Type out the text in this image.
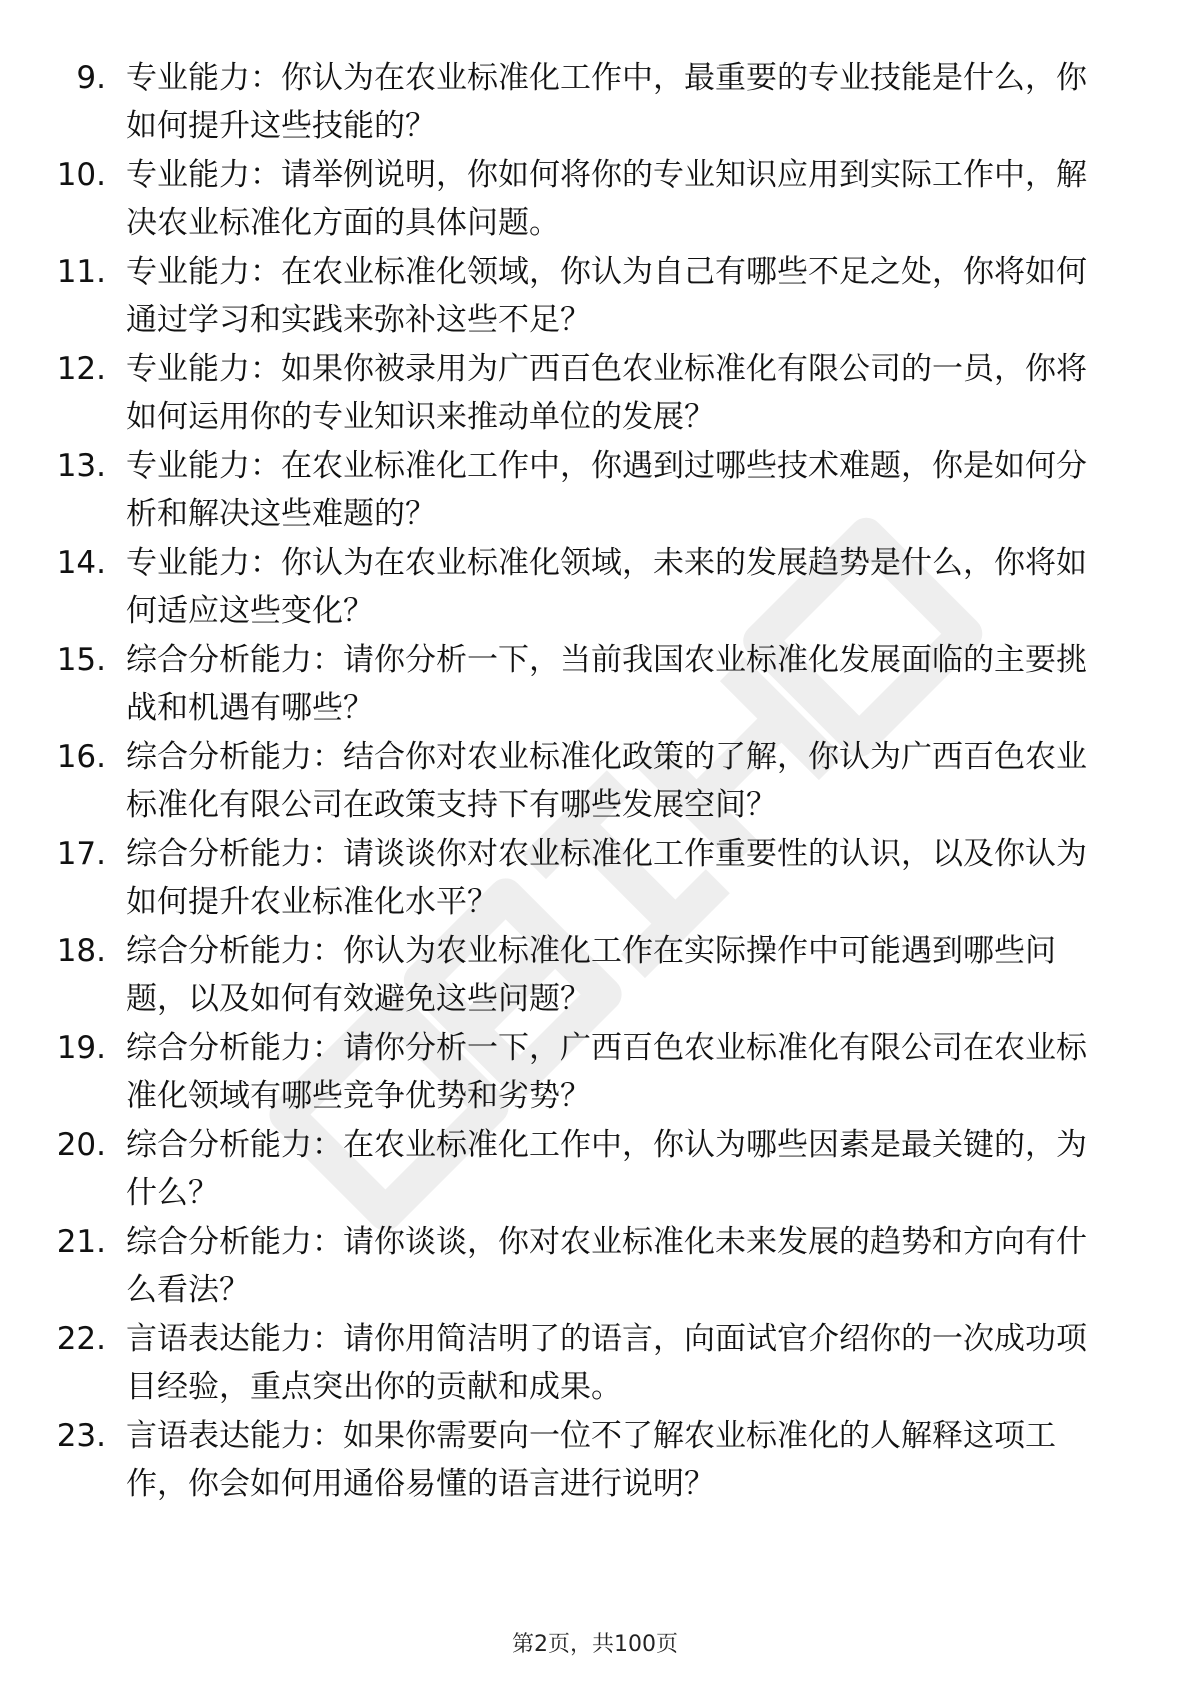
9. 专业能力：你认为在农业标准化工作中，最重要的专业技能是什么，你如何提升这些技能的？
10. 专业能力：请举例说明，你如何将你的专业知识应用到实际工作中，解决农业标准化方面的具体问题。
11. 专业能力：在农业标准化领域，你认为自己有哪些不足之处，你将如何通过学习和实践来弥补这些不足？
12. 专业能力：如果你被录用为广西百色农业标准化有限公司的一员，你将如何运用你的专业知识来推动单位的发展？
13. 专业能力：在农业标准化工作中，你遇到过哪些技术难题，你是如何分析和解决这些难题的？
14. 专业能力：你认为在农业标准化领域，未来的发展趋势是什么，你将如何适应这些变化？
15. 综合分析能力：请你分析一下，当前我国农业标准化发展面临的主要挑战和机遇有哪些？
16. 综合分析能力：结合你对农业标准化政策的了解，你认为广西百色农业标准化有限公司在政策支持下有哪些发展空间？
17. 综合分析能力：请谈谈你对农业标准化工作重要性的认识，以及你认为如何提升农业标准化水平？
18. 综合分析能力：你认为农业标准化工作在实际操作中可能遇到哪些问题，以及如何有效避免这些问题？
19. 综合分析能力：请你分析一下，广西百色农业标准化有限公司在农业标准化领域有哪些竞争优势和劣势？
20. 综合分析能力：在农业标准化工作中，你认为哪些因素是最关键的，为什么？
21. 综合分析能力：请你谈谈，你对农业标准化未来发展的趋势和方向有什么看法？
22. 言语表达能力：请你用简洁明了的语言，向面试官介绍你的一次成功项目经验，重点突出你的贡献和成果。
23. 言语表达能力：如果你需要向一位不了解农业标准化的人解释这项工作，你会如何用通俗易懂的语言进行说明？
第2页，共100页
